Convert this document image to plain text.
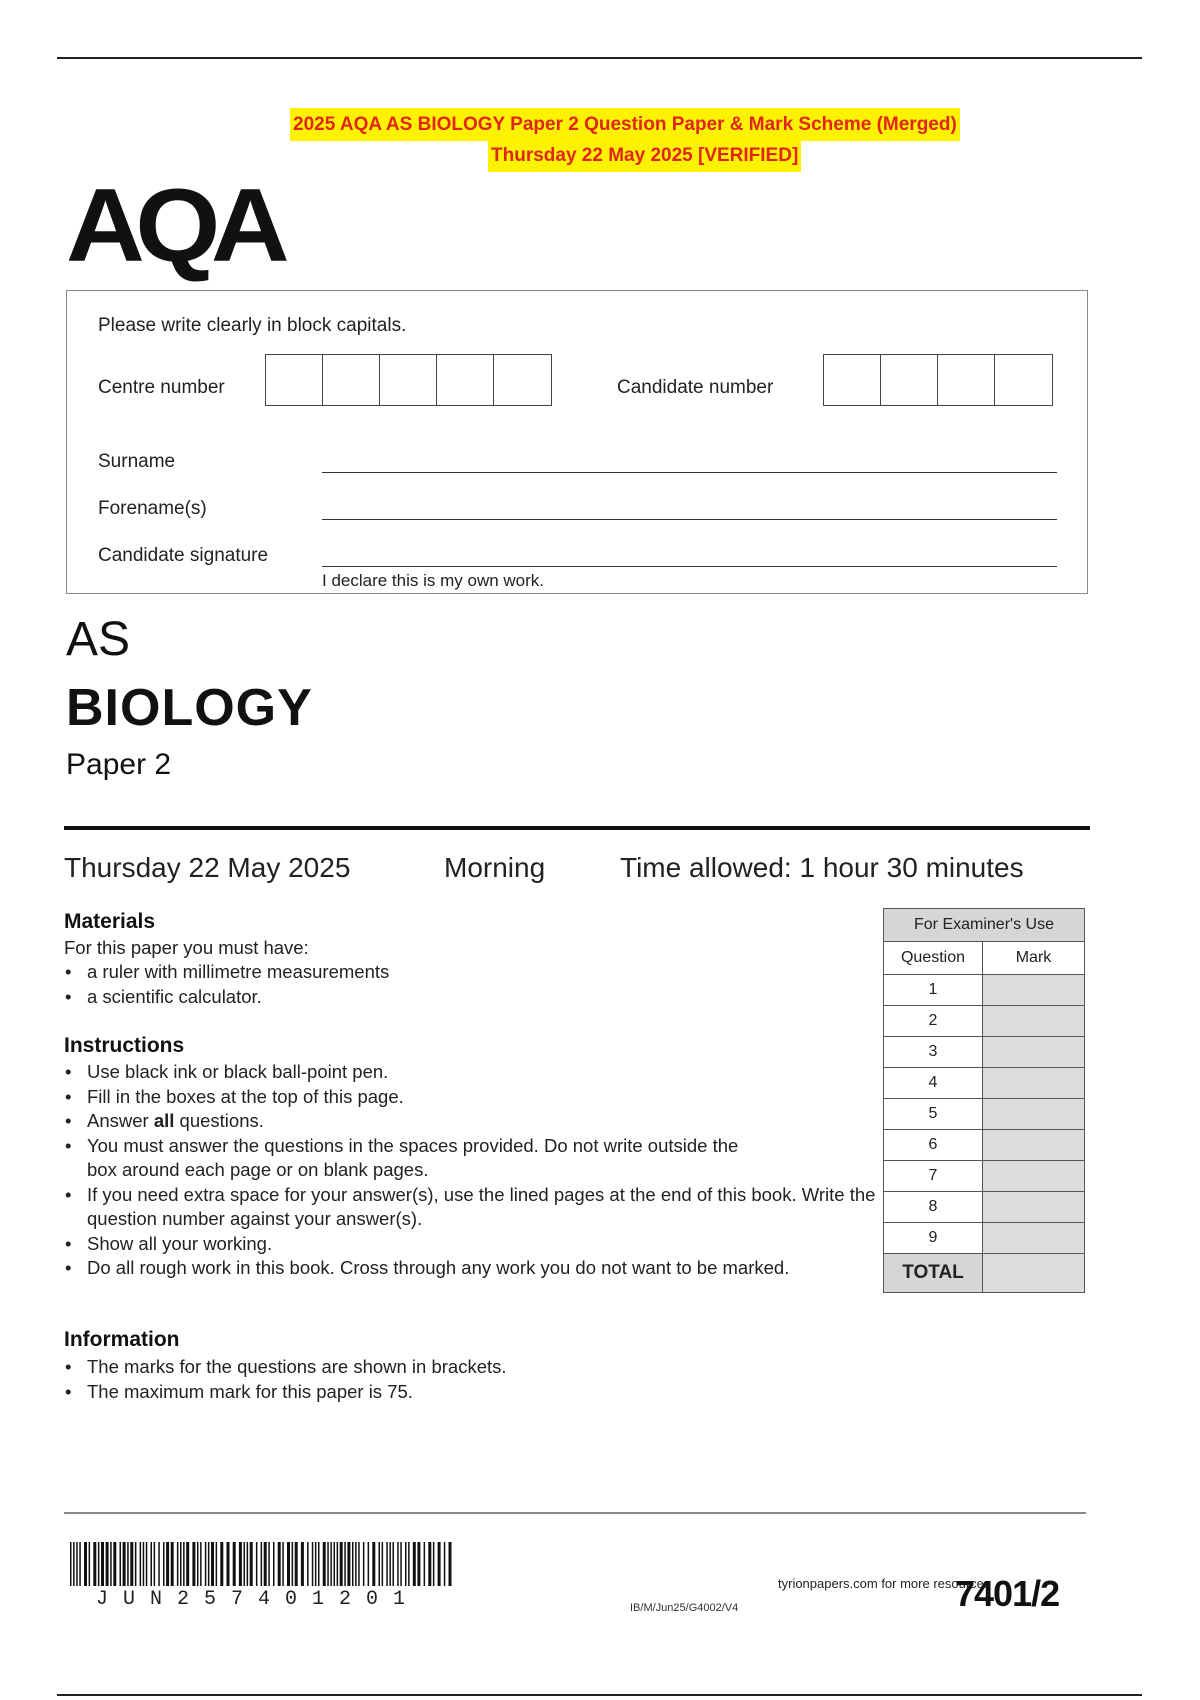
2025 AQA AS BIOLOGY Paper 2 Question Paper & Mark Scheme (Merged)
Thursday 22 May 2025 [VERIFIED]
AQA
Please write clearly in block capitals.
Centre number	Candidate number
Surname
Forename(s)
Candidate signature
I declare this is my own work.
AS
BIOLOGY
Paper 2
Thursday 22 May 2025	Morning	Time allowed: 1 hour 30 minutes
Materials
For this paper you must have:
• a ruler with millimetre measurements
• a scientific calculator.
Instructions
• Use black ink or black ball-point pen.
• Fill in the boxes at the top of this page.
• Answer all questions.
• You must answer the questions in the spaces provided. Do not write outside the box around each page or on blank pages.
• If you need extra space for your answer(s), use the lined pages at the end of this book. Write the question number against your answer(s).
• Show all your working.
• Do all rough work in this book. Cross through any work you do not want to be marked.
Information
• The marks for the questions are shown in brackets.
• The maximum mark for this paper is 75.
For Examiner's Use	
Question	Mark
1	
2	
3	
4	
5	
6	
7	
8	
9	
TOTAL	
JUN257401201	IB/M/Jun25/G4002/V4
tyrionpapers.com for more resources
7401/2
